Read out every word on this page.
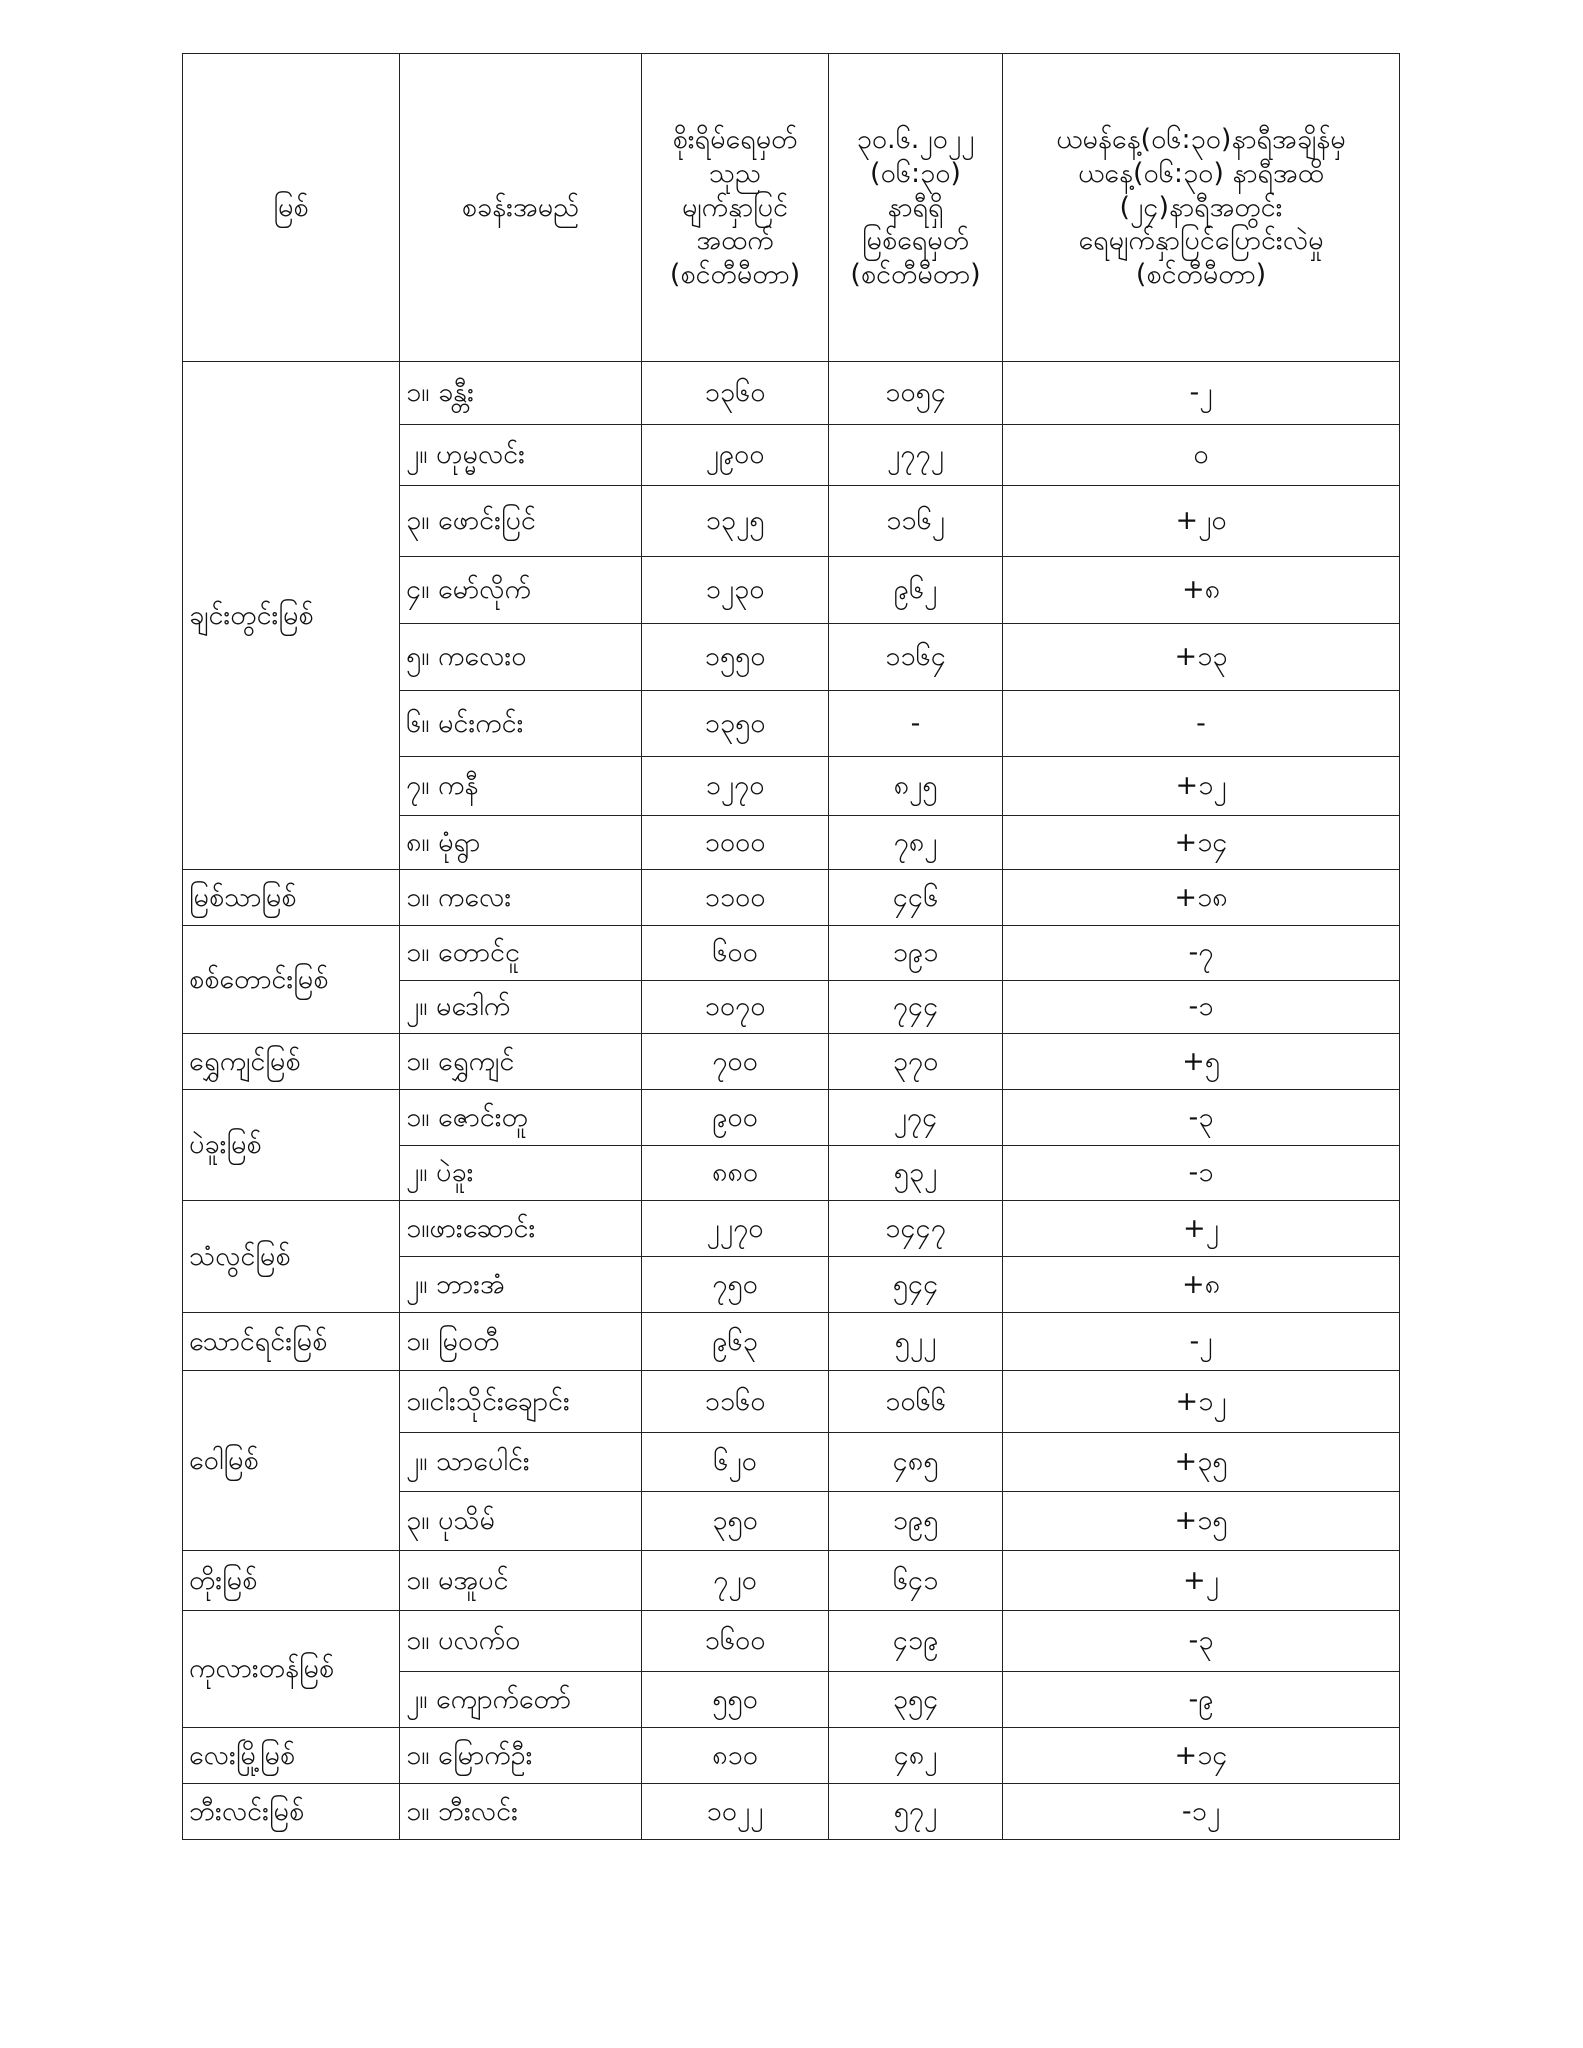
မြစ်	စခန်းအမည်	စိုးရိမ်ရေမှတ်
သုည
မျက်နှာပြင်
အထက်
(စင်တီမီတာ)	၃၀.၆.၂၀၂၂
(၀၆:၃၀)
နာရီရှိ
မြစ်ရေမှတ်
(စင်တီမီတာ)	ယမန်နေ့(၀၆:၃၀)နာရီအချိန်မှ
ယနေ့(၀၆:၃၀) နာရီအထိ
(၂၄)နာရီအတွင်း
ရေမျက်နှာပြင်ပြောင်းလဲမှု
(စင်တီမီတာ)

ချင်းတွင်းမြစ်	၁။ ခန္တီး	၁၃၆၀	၁၀၅၄	-၂
	၂။ ဟုမ္မလင်း	၂၉၀၀	၂၇၇၂	၀
	၃။ ဖောင်းပြင်	၁၃၂၅	၁၁၆၂	+၂၀
	၄။ မော်လိုက်	၁၂၃၀	၉၆၂	+၈
	၅။ ကလေးဝ	၁၅၅၀	၁၁၆၄	+၁၃
	၆။ မင်းကင်း	၁၃၅၀	-	-
	၇။ ကနီ	၁၂၇၀	၈၂၅	+၁၂
	၈။ မုံရွာ	၁၀၀၀	၇၈၂	+၁၄
မြစ်သာမြစ်	၁။ ကလေး	၁၁၀၀	၄၄၆	+၁၈
စစ်တောင်းမြစ်	၁။ တောင်ငူ	၆၀၀	၁၉၁	-၇
	၂။ မဒေါက်	၁၀၇၀	၇၄၄	-၁
ရွှေကျင်မြစ်	၁။ ရွှေကျင်	၇၀၀	၃၇၀	+၅
ပဲခူးမြစ်	၁။ ဇောင်းတူ	၉၀၀	၂၇၄	-၃
	၂။ ပဲခူး	၈၈၀	၅၃၂	-၁
သံလွင်မြစ်	၁။ဖားဆောင်း	၂၂၇၀	၁၄၄၇	+၂
	၂။ ဘားအံ	၇၅၀	၅၄၄	+၈
သောင်ရင်းမြစ်	၁။ မြဝတီ	၉၆၃	၅၂၂	-၂
ဝေါမြစ်	၁။ငါးသိုင်းချောင်း	၁၁၆၀	၁၀၆၆	+၁၂
	၂။ သာပေါင်း	၆၂၀	၄၈၅	+၃၅
	၃။ ပုသိမ်	၃၅၀	၁၉၅	+၁၅
တိုးမြစ်	၁။ မအူပင်	၇၂၀	၆၄၁	+၂
ကုလားတန်မြစ်	၁။ ပလက်ဝ	၁၆၀၀	၄၁၉	-၃
	၂။ ကျောက်တော်	၅၅၀	၃၅၄	-၉
လေးမြို့မြစ်	၁။ မြောက်ဦး	၈၁၀	၄၈၂	+၁၄
ဘီးလင်းမြစ်	၁။ ဘီးလင်း	၁၀၂၂	၅၇၂	-၁၂
